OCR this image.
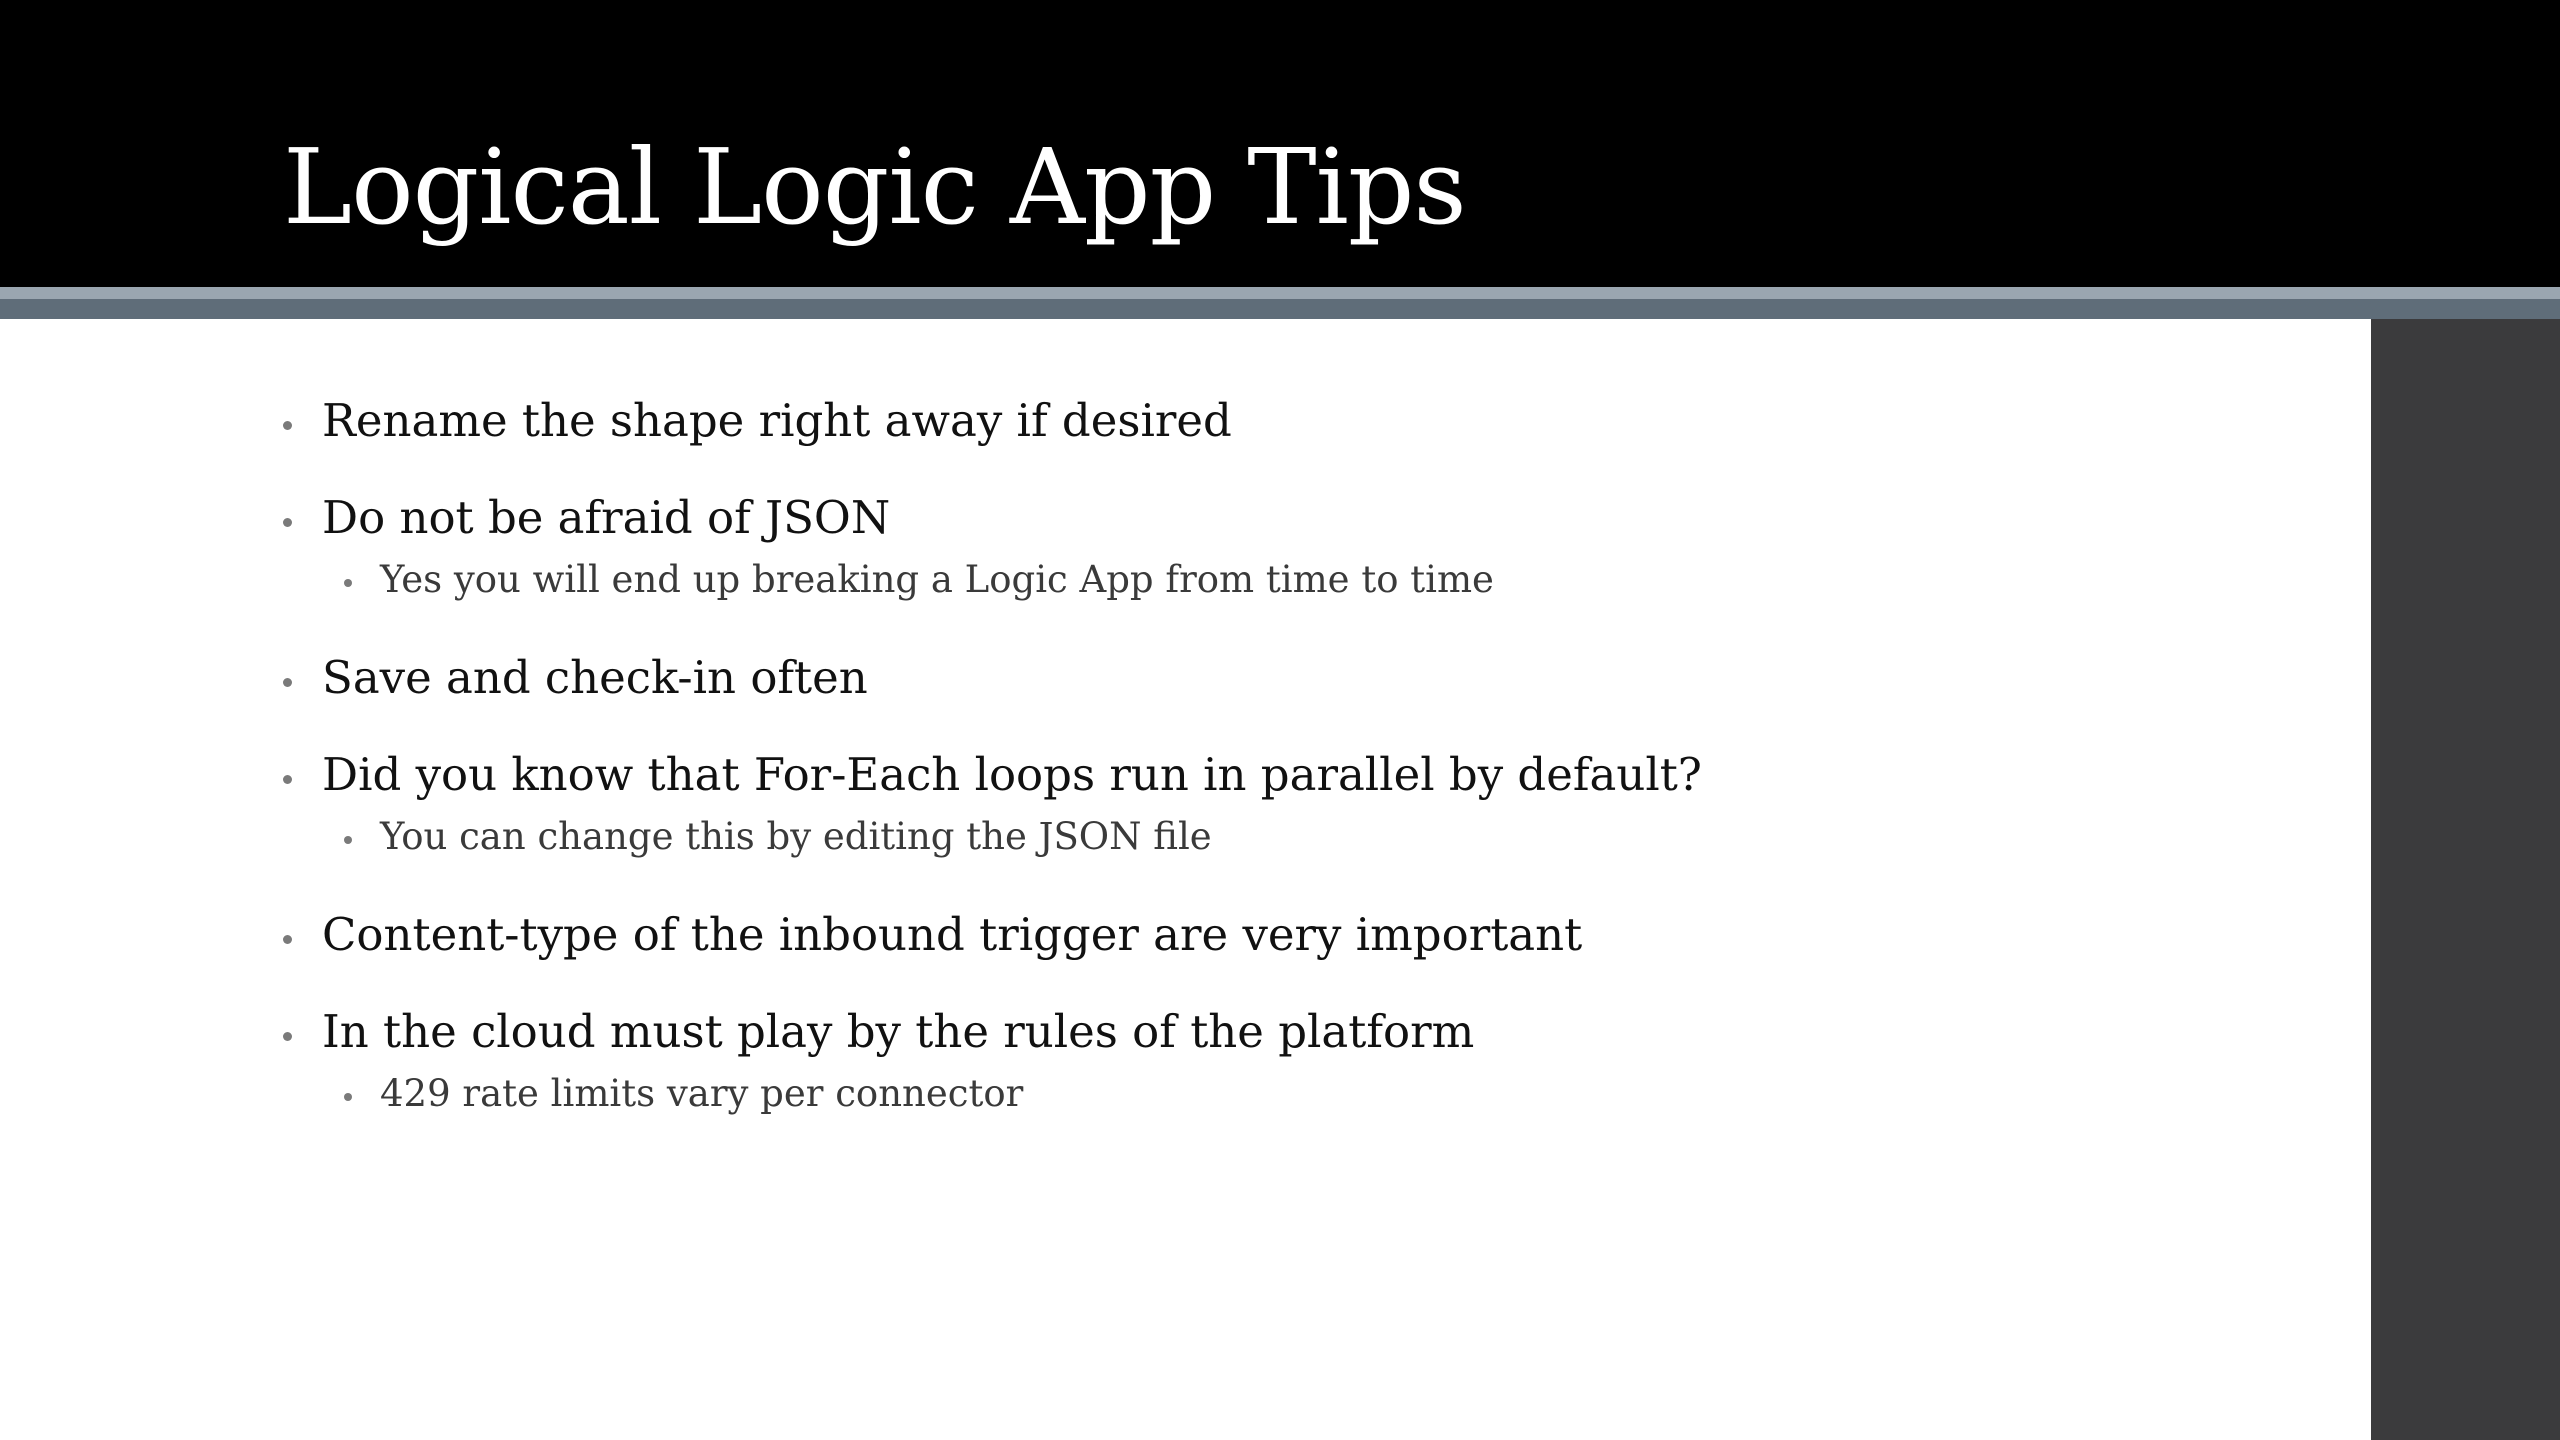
Logical Logic App Tips
Rename the shape right away if desired
Do not be afraid of JSON
Yes you will end up breaking a Logic App from time to time
Save and check-in often
Did you know that For-Each loops run in parallel by default?
You can change this by editing the JSON file
Content-type of the inbound trigger are very important
In the cloud must play by the rules of the platform
429 rate limits vary per connector
